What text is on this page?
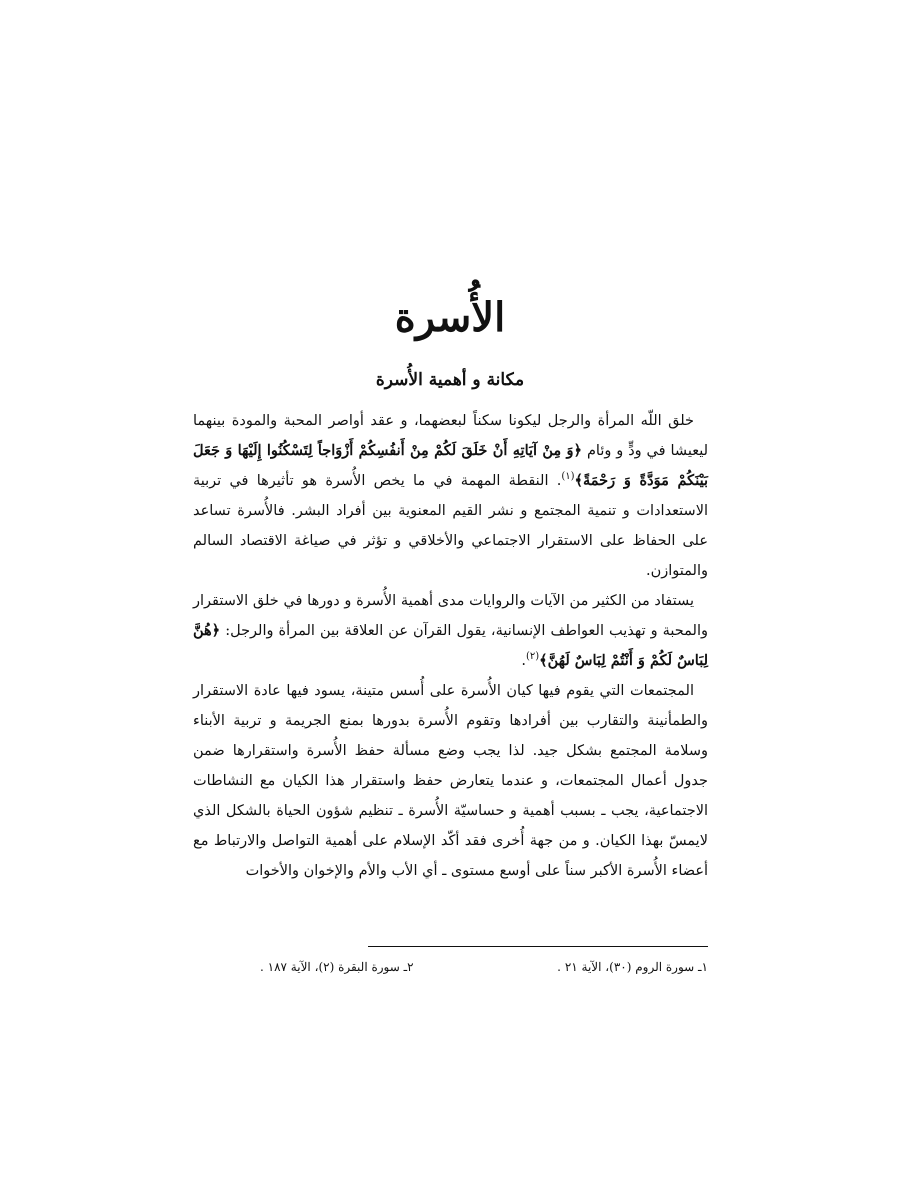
الأُسرة
مكانة و أهمية الأُسرة

خلق اللّه المرأة والرجل ليكونا سكناً لبعضهما، و عقد أواصر المحبة والمودة بينهما ليعيشا في ودٍّ و وئام ﴿وَ مِنْ آيَاتِهِ أَنْ خَلَقَ لَكُمْ مِنْ أَنفُسِكُمْ أَزْوَاجاً لِتَسْكُنُوا إِلَيْهَا وَ جَعَلَ بَيْنَكُمْ مَوَدَّةً وَ رَحْمَةً﴾$^{(١)}$. النقطة المهمة في ما يخص الأُسرة هو تأثيرها في تربية الاستعدادات و تنمية المجتمع و نشر القيم المعنوية بين أفراد البشر. فالأُسرة تساعد على الحفاظ على الاستقرار الاجتماعي والأخلاقي و تؤثر في صياغة الاقتصاد السالم والمتوازن.

يستفاد من الكثير من الآيات والروايات مدى أهمية الأُسرة و دورها في خلق الاستقرار والمحبة و تهذيب العواطف الإنسانية، يقول القرآن عن العلاقة بين المرأة والرجل: ﴿هُنَّ لِبَاسٌ لَكُمْ وَ أَنْتُمْ لِبَاسٌ لَهُنَّ﴾$^{(٢)}$.

المجتمعات التي يقوم فيها كيان الأُسرة على أُسس متينة، يسود فيها عادة الاستقرار والطمأنينة والتقارب بين أفرادها وتقوم الأُسرة بدورها بمنع الجريمة و تربية الأبناء وسلامة المجتمع بشكل جيد. لذا يجب وضع مسألة حفظ الأُسرة واستقرارها ضمن جدول أعمال المجتمعات، و عندما يتعارض حفظ واستقرار هذا الكيان مع النشاطات الاجتماعية، يجب ـ بسبب أهمية و حساسيّة الأُسرة ـ تنظيم شؤون الحياة بالشكل الذي لايمسّ بهذا الكيان. و من جهة أُخرى فقد أكّد الإسلام على أهمية التواصل والارتباط مع أعضاء الأُسرة الأكبر سناً على أوسع مستوى ـ أي الأب والأم والإخوان والأخوات

١ـ سورة الروم (٣٠)، الآية ٢١ .
٢ـ سورة البقرة (٢)، الآية ١٨٧ .
